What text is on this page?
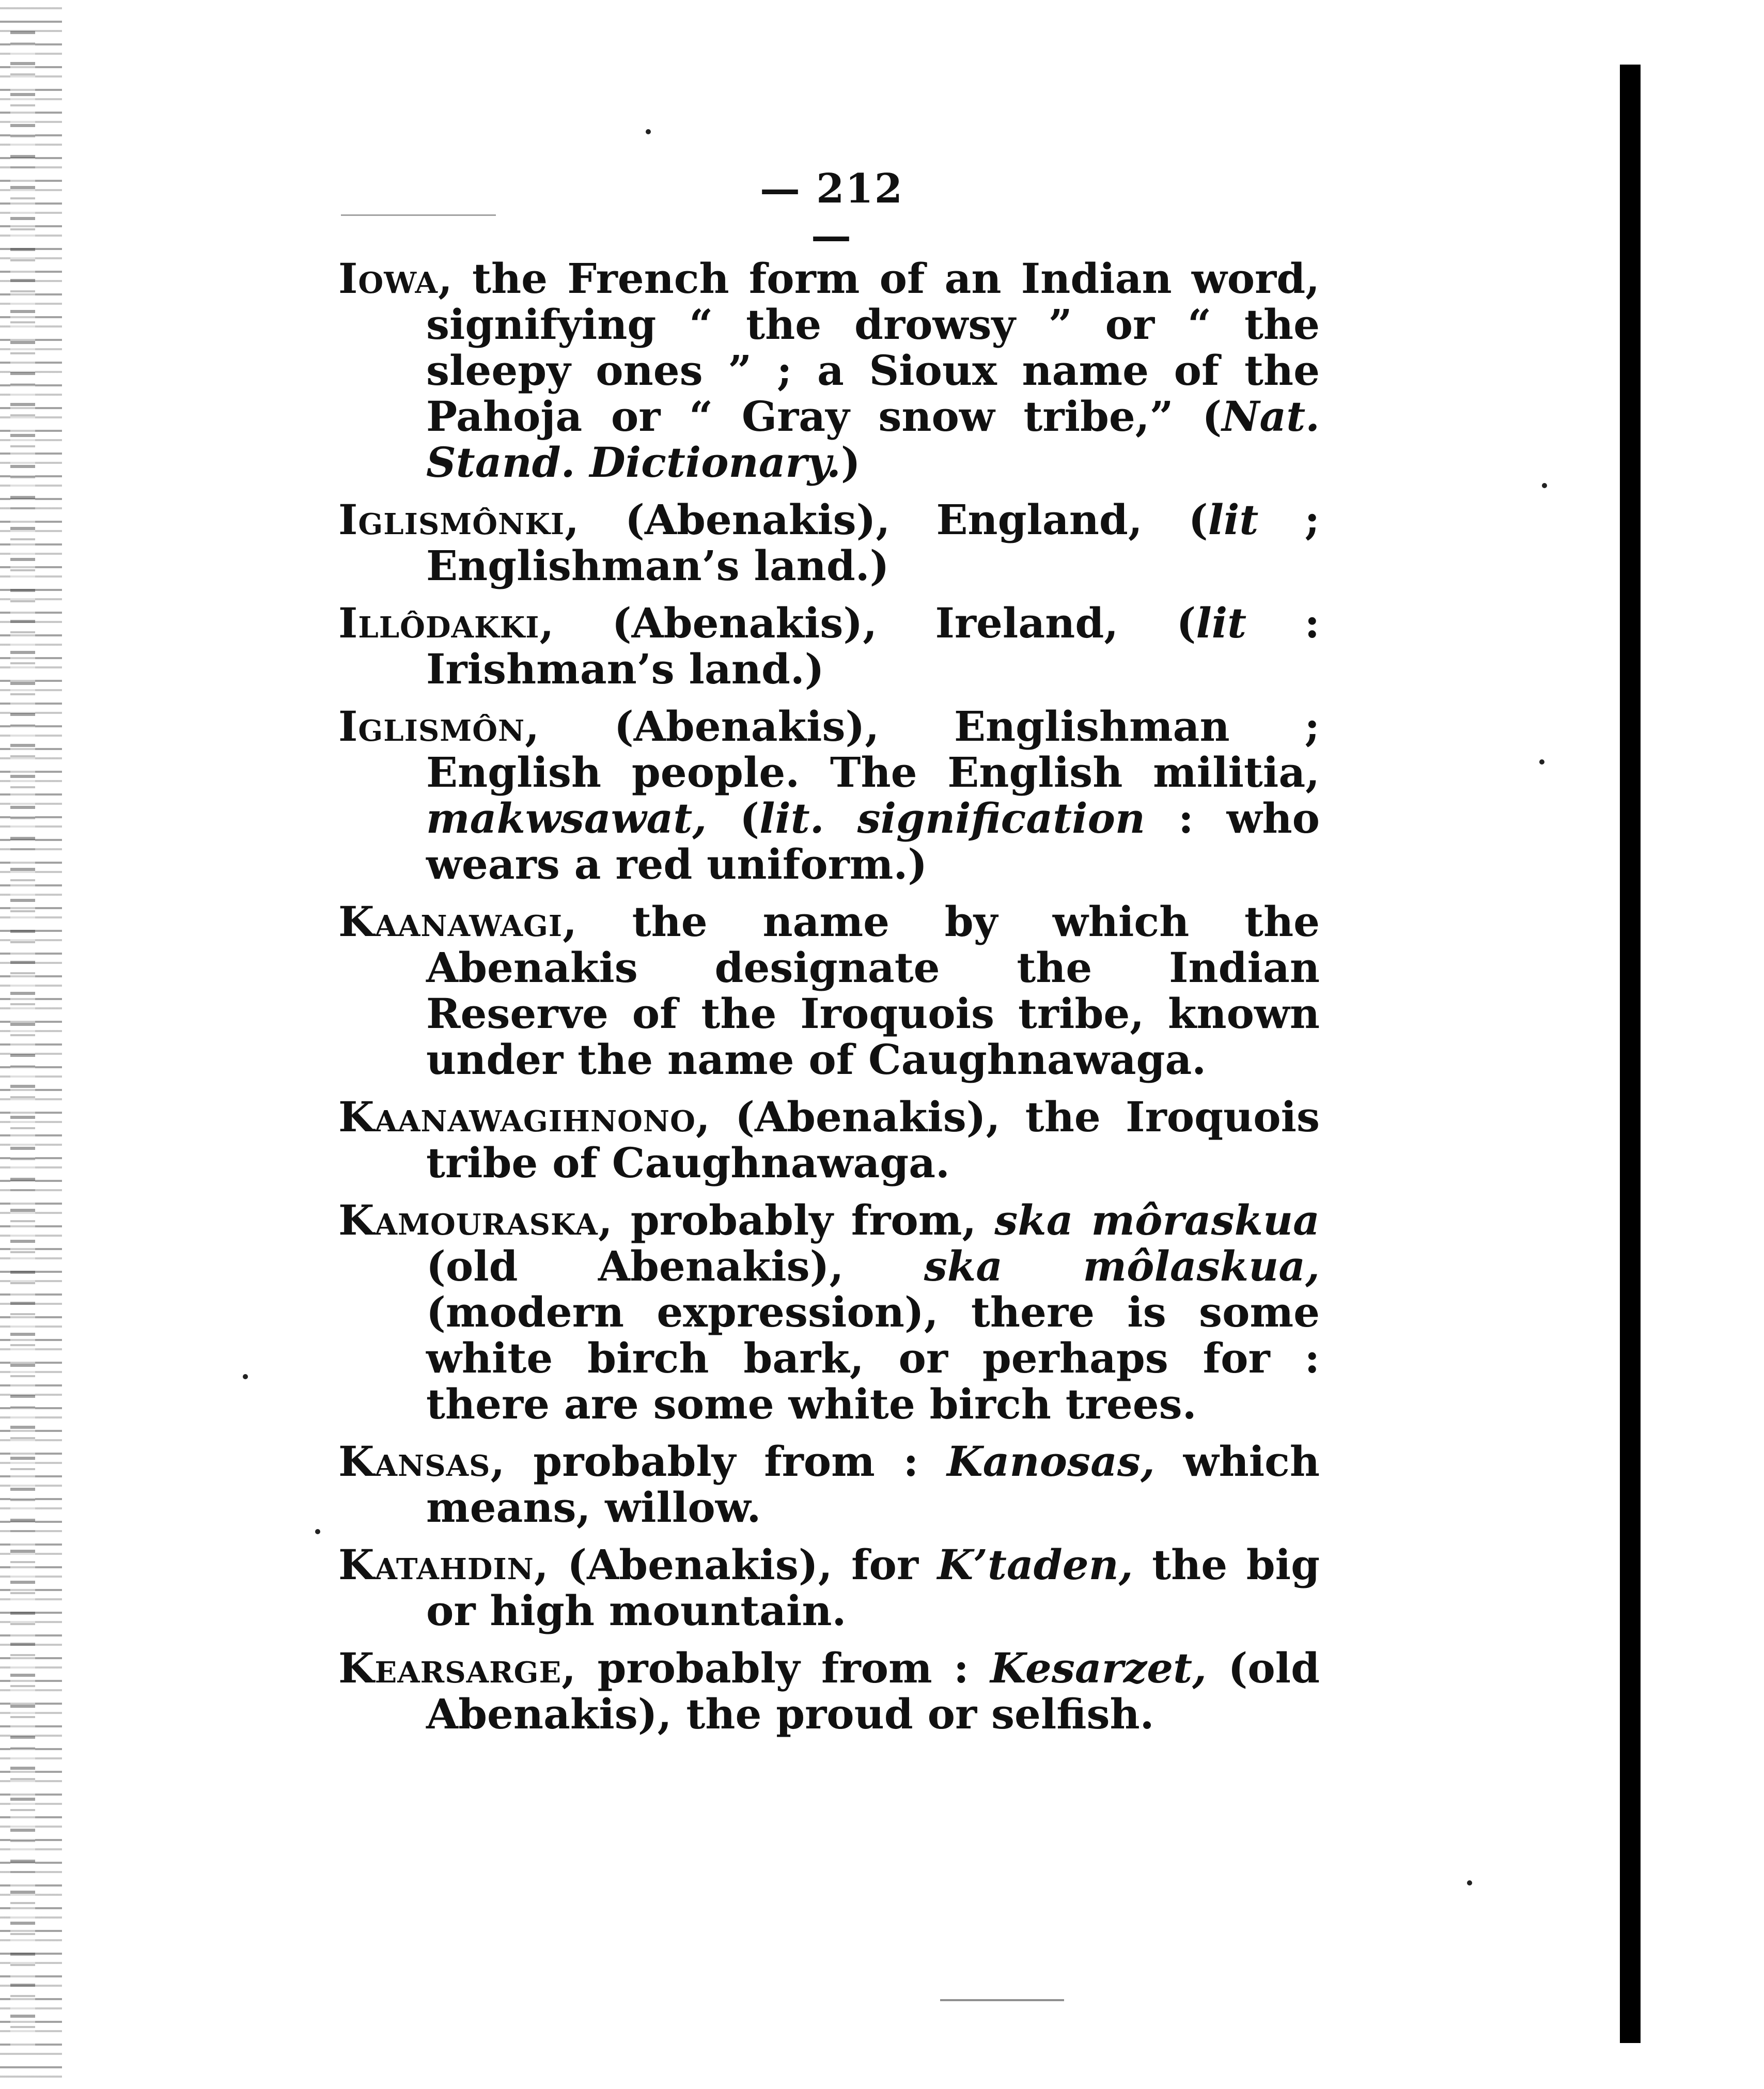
— 212 —

Iowa, the French form of an Indian word, signifying “ the drowsy ” or “ the sleepy ones ” ; a Sioux name of the Pahoja or “ Gray snow tribe,” (Nat. Stand. Dictionary.)

Iglismônki, (Abenakis), England, (lit ; Englishman’s land.)

Illôdakki, (Abenakis), Ireland, (lit : Irishman’s land.)

Iglismôn, (Abenakis), Englishman ; English people. The English militia, makwsawat, (lit. signification : who wears a red uniform.)

Kaanawagi, the name by which the Abenakis designate the Indian Reserve of the Iroquois tribe, known under the name of Caughnawaga.

Kaanawagihnono, (Abenakis), the Iroquois tribe of Caughnawaga.

Kamouraska, probably from, ska môraskua (old Abenakis), ska môlaskua, (modern expression), there is some white birch bark, or perhaps for : there are some white birch trees.

Kansas, probably from : Kanosas, which means, willow.

Katahdin, (Abenakis), for K’taden, the big or high mountain.

Kearsarge, probably from : Kesarzet, (old Abenakis), the proud or selfish.
